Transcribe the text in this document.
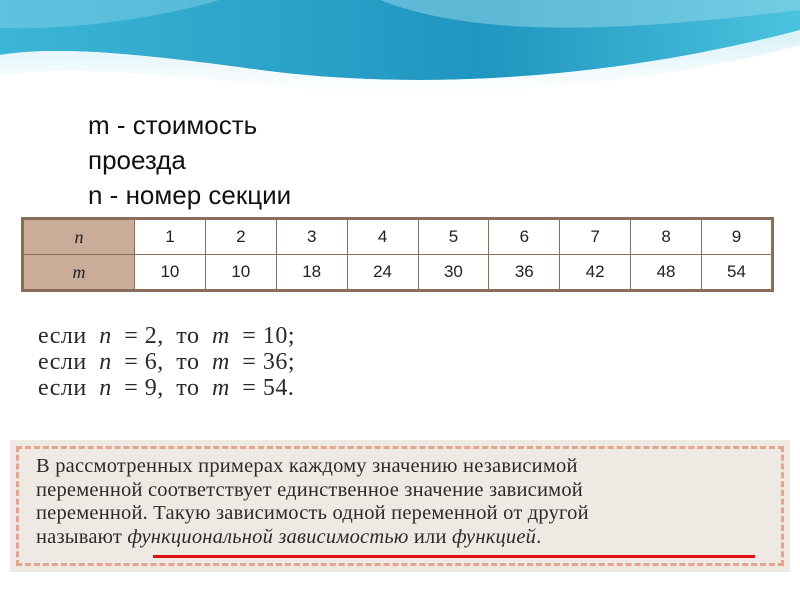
m - стоимость
проезда
n - номер секции
n	1	2	3	4	5	6	7	8	9
m	10	10	18	24	30	36	42	48	54
если n = 2, то m = 10;
если n = 6, то m = 36;
если n = 9, то m = 54.
В рассмотренных примерах каждому значению независимой
переменной соответствует единственное значение зависимой
переменной. Такую зависимость одной переменной от другой
называют функциональной зависимостью или функцией.
